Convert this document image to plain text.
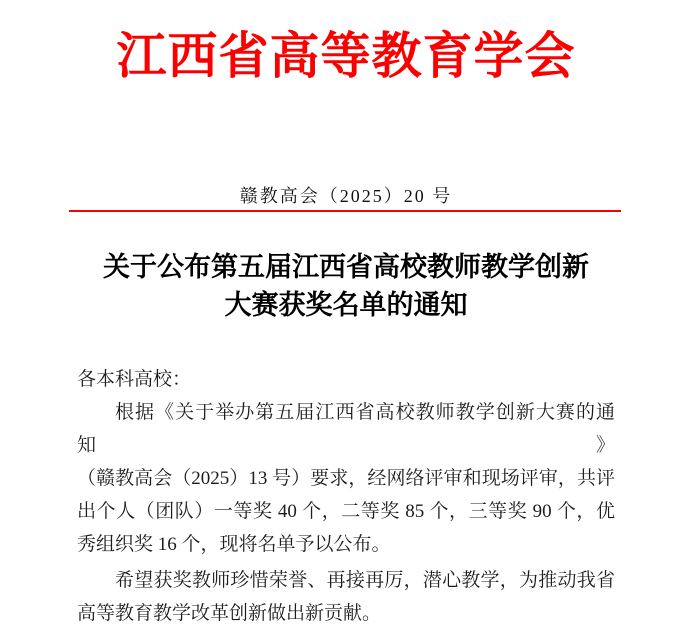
江西省高等教育学会
赣教高会（2025）20 号
关于公布第五届江西省高校教师教学创新
大赛获奖名单的通知
各本科高校：
根据《关于举办第五届江西省高校教师教学创新大赛的通知》
（赣教高会（2025）13 号）要求，经网络评审和现场评审，共评
出个人（团队）一等奖 40 个，二等奖 85 个，三等奖 90 个，优
秀组织奖 16 个，现将名单予以公布。
希望获奖教师珍惜荣誉、再接再厉，潜心教学，为推动我省
高等教育教学改革创新做出新贡献。
